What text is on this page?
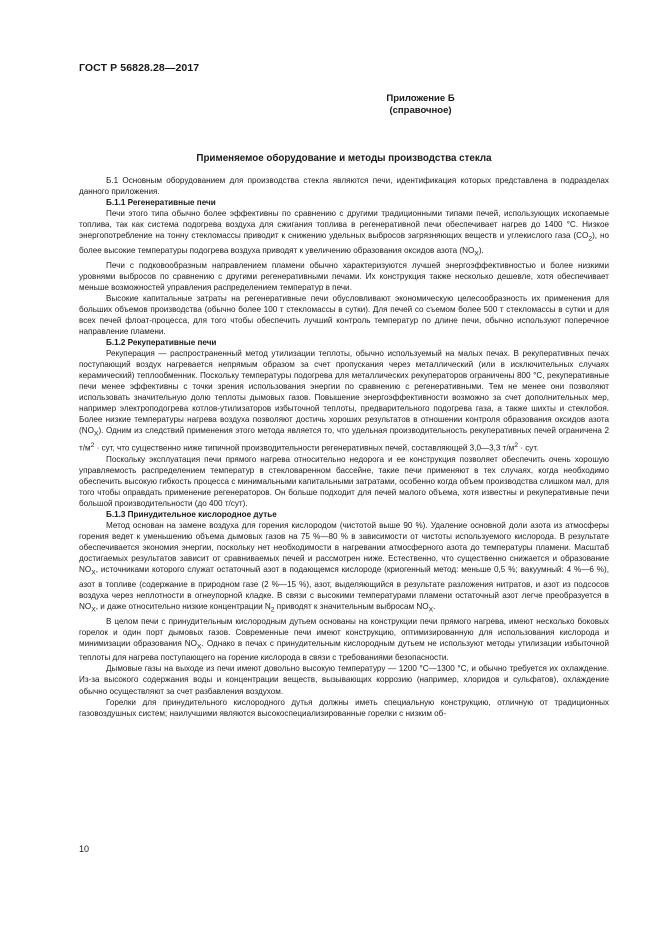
ГОСТ Р 56828.28—2017
Приложение Б
(справочное)
Применяемое оборудование и методы производства стекла

Б.1 Основным оборудованием для производства стекла являются печи, идентификация которых представлена в подразделах данного приложения.

Б.1.1 Регенеративные печи

Печи этого типа обычно более эффективны по сравнению с другими традиционными типами печей, использующих ископаемые топлива, так как система подогрева воздуха для сжигания топлива в регенеративной печи обеспечивает нагрев до 1400 °C. Низкое энергопотребление на тонну стекломассы приводит к снижению удельных выбросов загрязняющих веществ и углекислого газа $(CO_2)$, но более высокие температуры подогрева воздуха приводят к увеличению образования оксидов азота $(NO_X)$.

Печи с подковообразным направлением пламени обычно характеризуются лучшей энергоэффективностью и более низкими уровнями выбросов по сравнению с другими регенеративными печами. Их конструкция также несколько дешевле, хотя обеспечивает меньше возможностей управления распределением температур в печи.

Высокие капитальные затраты на регенеративные печи обусловливают экономическую целесообразность их применения для больших объемов производства (обычно более 100 т стекломассы в сутки). Для печей со съемом более 500 т стекломассы в сутки и для всех печей флоат-процесса, для того чтобы обеспечить лучший контроль температур по длине печи, обычно используют поперечное направление пламени.

Б.1.2 Рекуперативные печи

Рекуперация — распространенный метод утилизации теплоты, обычно используемый на малых печах. В рекуперативных печах поступающий воздух нагревается непрямым образом за счет пропускания через металлический (или в исключительных случаях керамический) теплообменник. Поскольку температуры подогрева для металлических рекуператоров ограничены 800 °C, рекуперативные печи менее эффективны с точки зрения использования энергии по сравнению с регенеративными. Тем не менее они позволяют использовать значительную долю теплоты дымовых газов. Повышение энергоэффективности возможно за счет дополнительных мер, например электроподогрева котлов-утилизаторов избыточной теплоты, предварительного подогрева газа, а также шихты и стеклобоя. Более низкие температуры нагрева воздуха позволяют достичь хороших результатов в отношении контроля образования оксидов азота $(NO_X)$. Одним из следствий применения этого метода является то, что удельная производительность рекуперативных печей ограничена 2 $т/м^2$ · сут, что существенно ниже типичной производительности регенеративных печей, составляющей 3,0—3,3 $т/м^2$ · сут.

Поскольку эксплуатация печи прямого нагрева относительно недорога и ее конструкция позволяет обеспечить очень хорошую управляемость распределением температур в стекловаренном бассейне, такие печи применяют в тех случаях, когда необходимо обеспечить высокую гибкость процесса с минимальными капитальными затратами, особенно когда объем производства слишком мал, для того чтобы оправдать применение регенераторов. Он больше подходит для печей малого объема, хотя известны и рекуперативные печи большой производительности (до 400 т/сут).

Б.1.3 Принудительное кислородное дутье

Метод основан на замене воздуха для горения кислородом (чистотой выше 90 %). Удаление основной доли азота из атмосферы горения ведет к уменьшению объема дымовых газов на 75 %—80 % в зависимости от чистоты используемого кислорода. В результате обеспечивается экономия энергии, поскольку нет необходимости в нагревании атмосферного азота до температуры пламени. Масштаб достигаемых результатов зависит от сравниваемых печей и рассмотрен ниже. Естественно, что существенно снижается и образование $NO_X$, источниками которого служат остаточный азот в подающемся кислороде (криогенный метод: меньше 0,5 %; вакуумный: 4 %—6 %), азот в топливе (содержание в природном газе (2 %—15 %), азот, выделяющийся в результате разложения нитратов, и азот из подсосов воздуха через неплотности в огнеупорной кладке. В связи с высокими температурами пламени остаточный азот легче преобразуется в $NO_X$, и даже относительно низкие концентрации $N_2$ приводят к значительным выбросам $NO_X$.

В целом печи с принудительным кислородным дутьем основаны на конструкции печи прямого нагрева, имеют несколько боковых горелок и один порт дымовых газов. Современные печи имеют конструкцию, оптимизированную для использования кислорода и минимизации образования $NO_X$. Однако в печах с принудительным кислородным дутьем не используют методы утилизации избыточной теплоты для нагрева поступающего на горение кислорода в связи с требованиями безопасности.

Дымовые газы на выходе из печи имеют довольно высокую температуру — 1200 °C—1300 °C, и обычно требуется их охлаждение. Из-за высокого содержания воды и концентрации веществ, вызывающих коррозию (например, хлоридов и сульфатов), охлаждение обычно осуществляют за счет разбавления воздухом.

Горелки для принудительного кислородного дутья должны иметь специальную конструкцию, отличную от традиционных газовоздушных систем; наилучшими являются высокоспециализированные горелки с низким об-

10
